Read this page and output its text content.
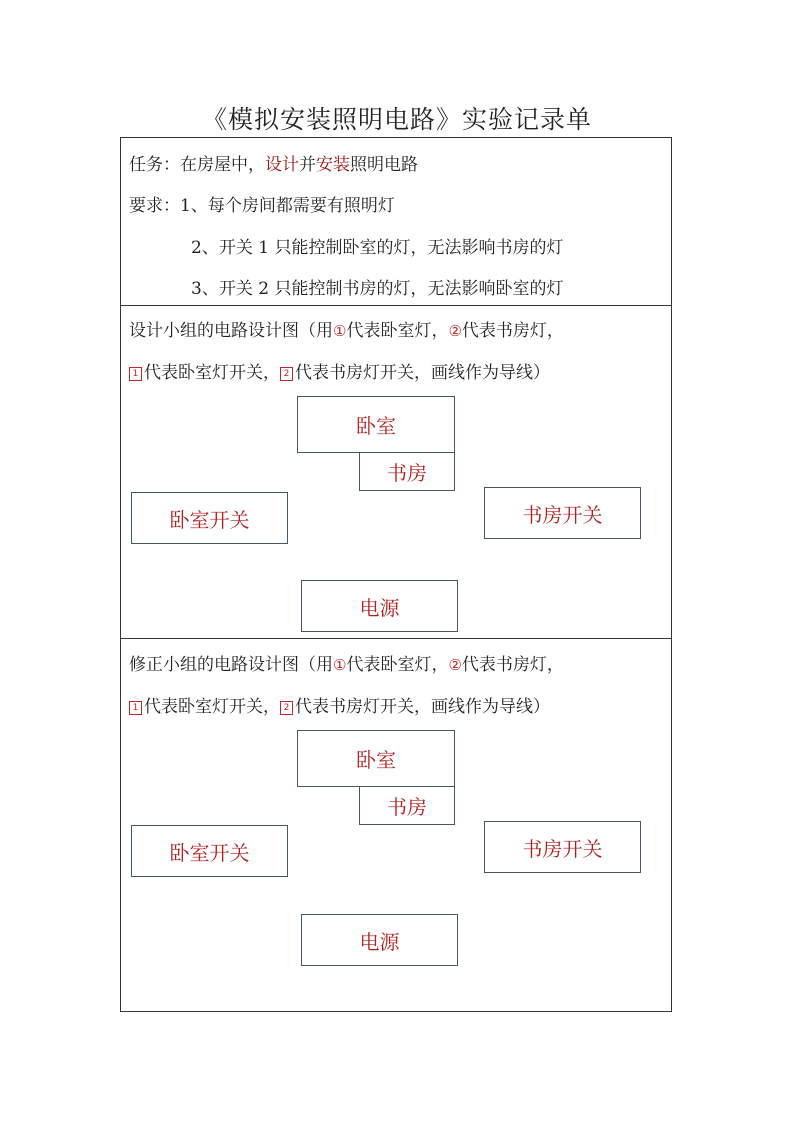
《模拟安装照明电路》实验记录单
任务：在房屋中，设计并安装照明电路
要求：1、每个房间都需要有照明灯
2、开关 1 只能控制卧室的灯，无法影响书房的灯
3、开关 2 只能控制书房的灯，无法影响卧室的灯
设计小组的电路设计图（用①代表卧室灯，②代表书房灯，
1 代表卧室灯开关， 2 代表书房灯开关，画线作为导线）
卧室
书房
卧室开关	书房开关
电源
修正小组的电路设计图（用①代表卧室灯，②代表书房灯，
1 代表卧室灯开关， 2 代表书房灯开关，画线作为导线）
卧室
书房
卧室开关	书房开关
电源
